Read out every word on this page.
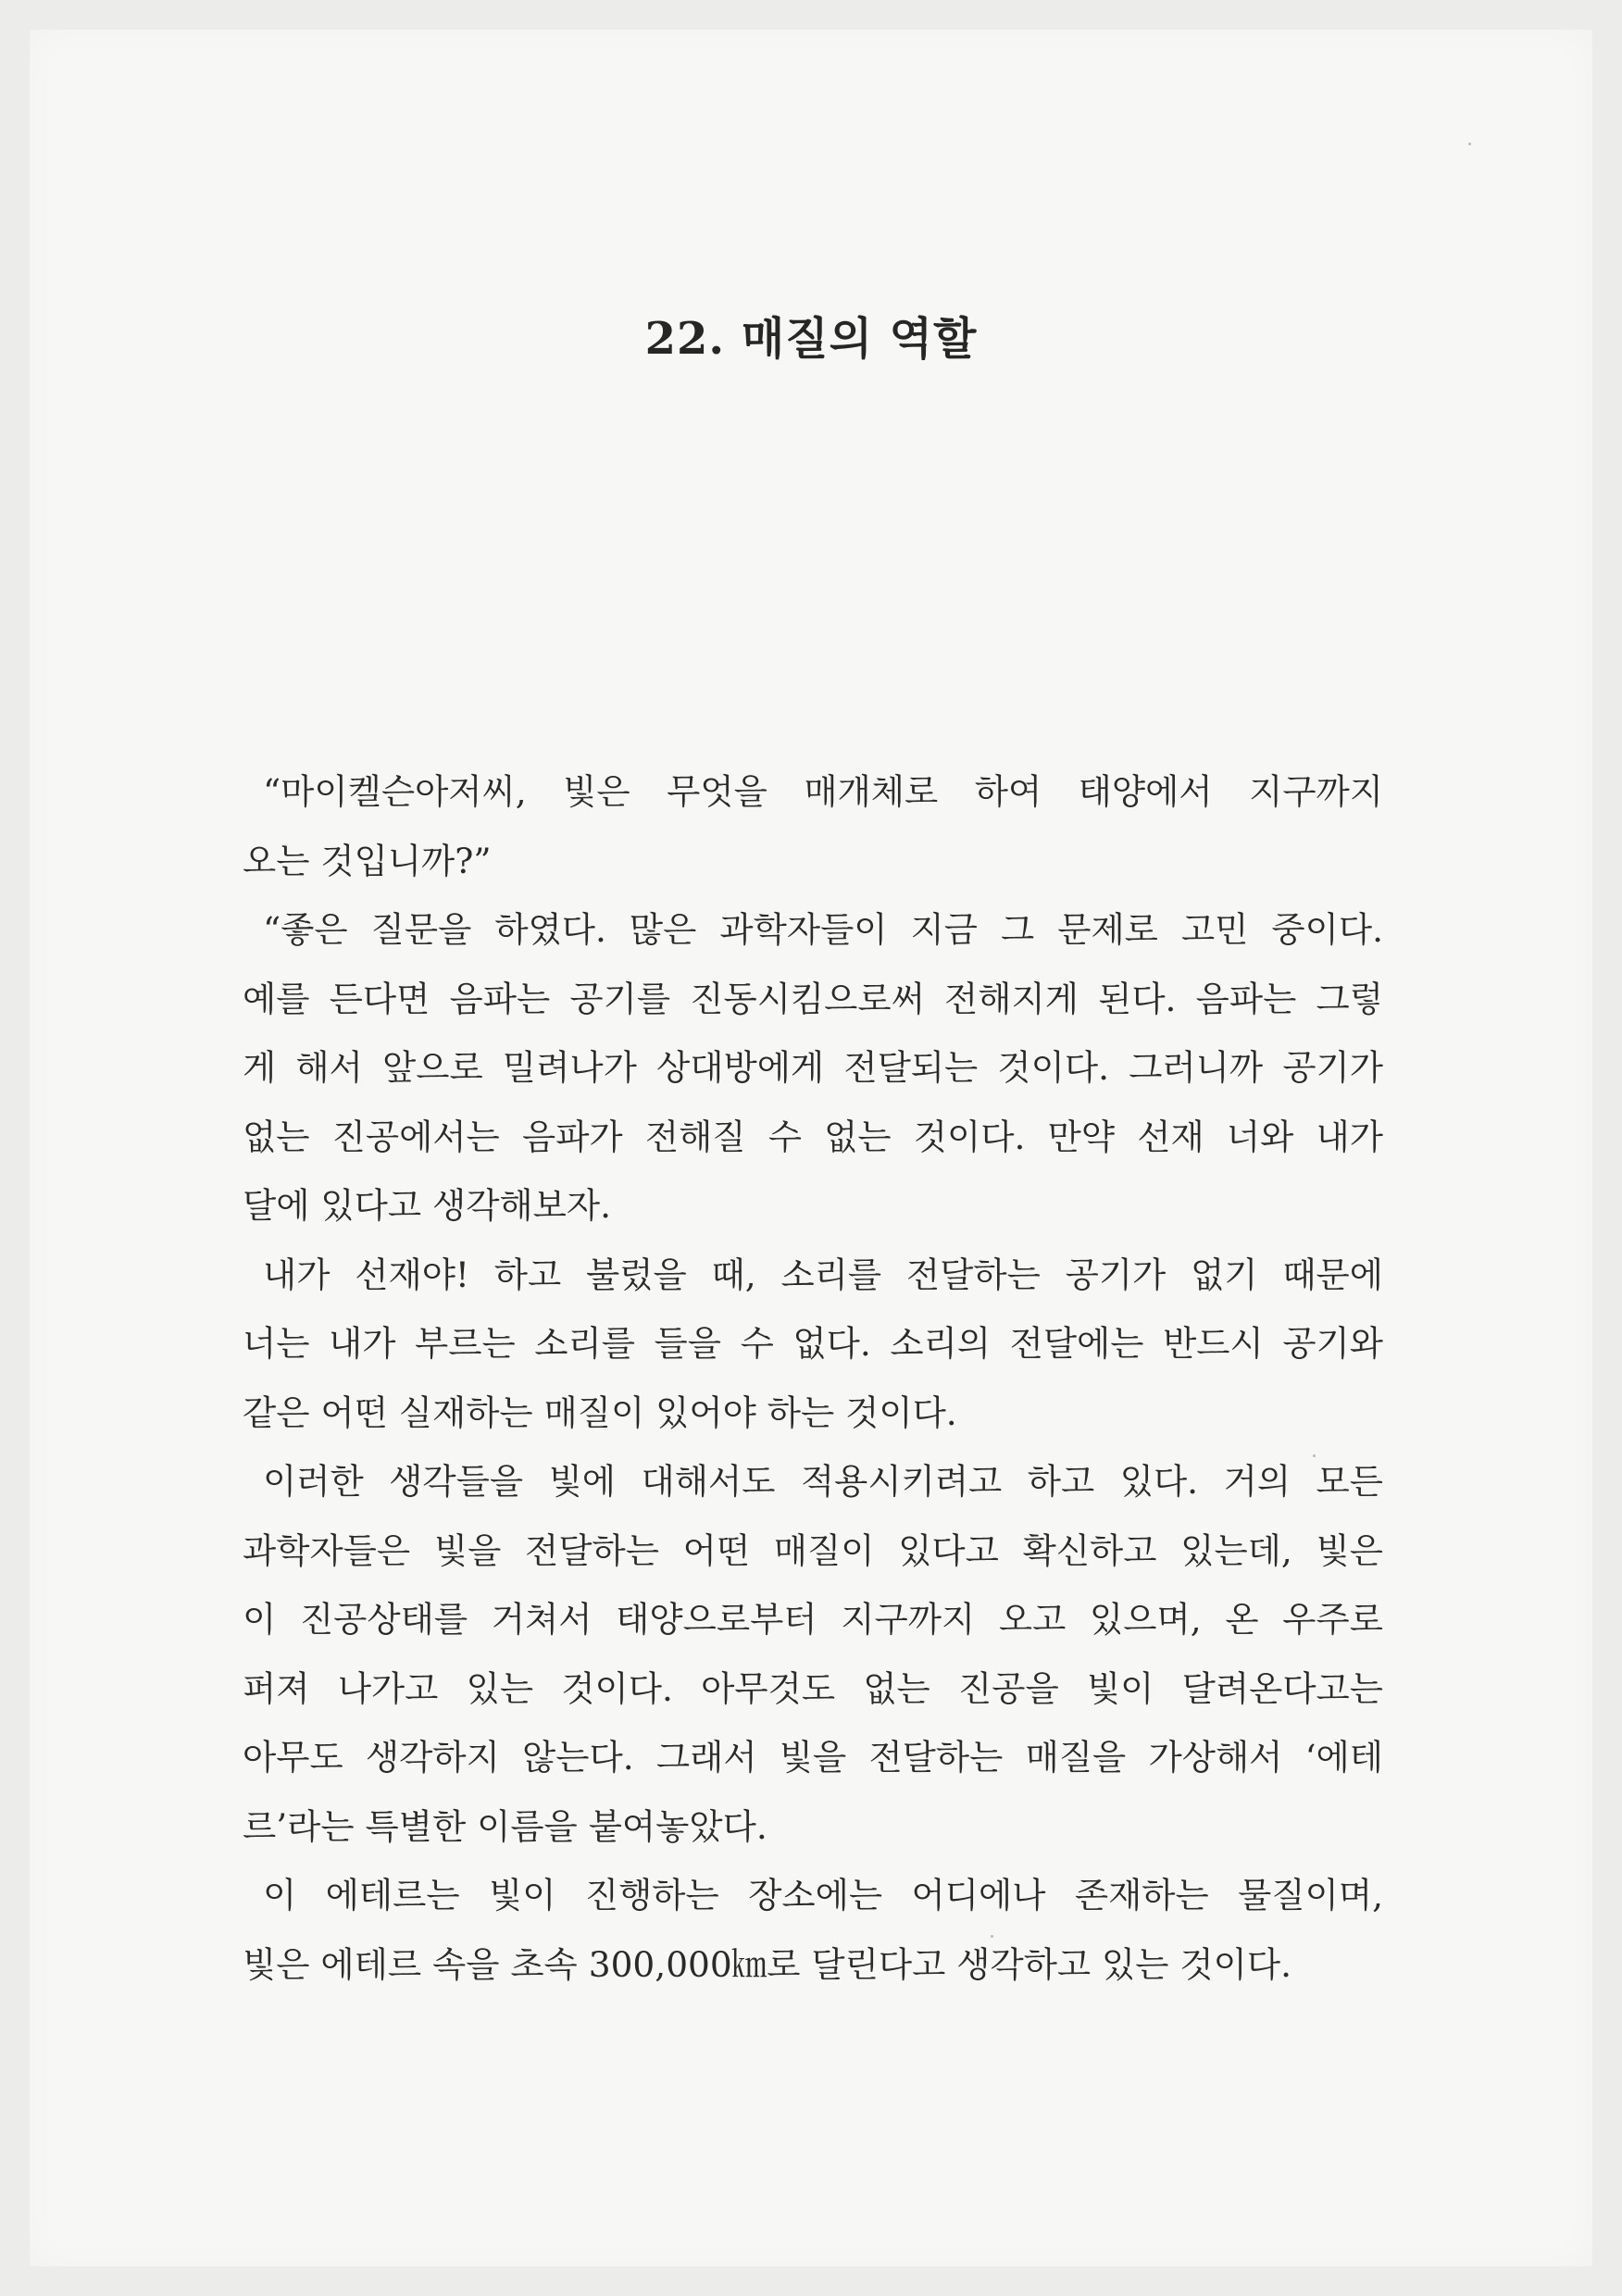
22. 매질의 역할

“마이켈슨아저씨, 빛은 무엇을 매개체로 하여 태양에서 지구까지
오는 것입니까?”

“좋은 질문을 하였다. 많은 과학자들이 지금 그 문제로 고민 중이다.
예를 든다면 음파는 공기를 진동시킴으로써 전해지게 된다. 음파는 그렇
게 해서 앞으로 밀려나가 상대방에게 전달되는 것이다. 그러니까 공기가
없는 진공에서는 음파가 전해질 수 없는 것이다. 만약 선재 너와 내가
달에 있다고 생각해보자.

내가 선재야! 하고 불렀을 때, 소리를 전달하는 공기가 없기 때문에
너는 내가 부르는 소리를 들을 수 없다. 소리의 전달에는 반드시 공기와
같은 어떤 실재하는 매질이 있어야 하는 것이다.

이러한 생각들을 빛에 대해서도 적용시키려고 하고 있다. 거의 모든
과학자들은 빛을 전달하는 어떤 매질이 있다고 확신하고 있는데, 빛은
이 진공상태를 거쳐서 태양으로부터 지구까지 오고 있으며, 온 우주로
퍼져 나가고 있는 것이다. 아무것도 없는 진공을 빛이 달려온다고는
아무도 생각하지 않는다. 그래서 빛을 전달하는 매질을 가상해서 ‘에테
르’라는 특별한 이름을 붙여놓았다.

이 에테르는 빛이 진행하는 장소에는 어디에나 존재하는 물질이며,
빛은 에테르 속을 초속 300,000㎞로 달린다고 생각하고 있는 것이다.
